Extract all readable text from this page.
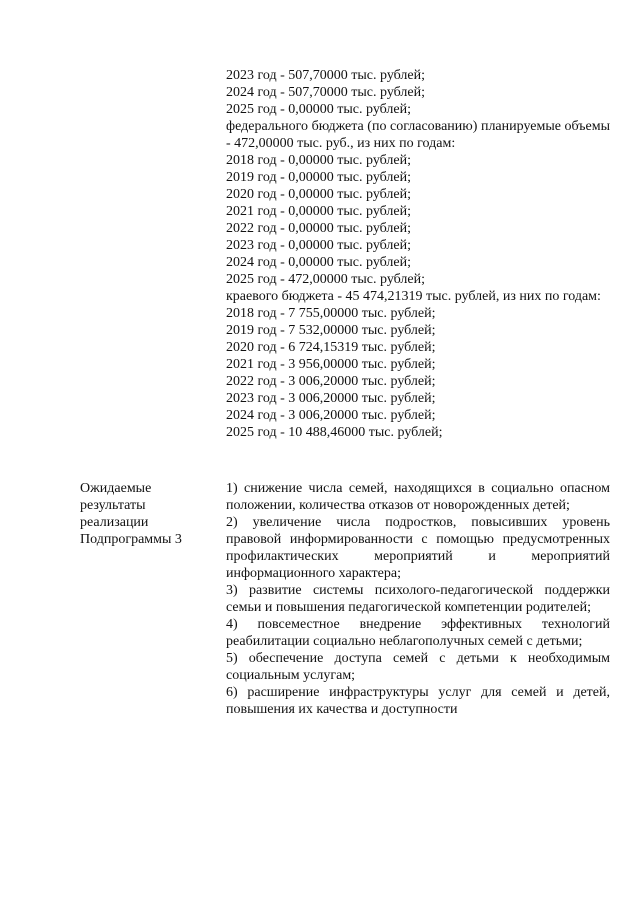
2023 год - 507,70000 тыс. рублей;
2024 год - 507,70000 тыс. рублей;
2025 год - 0,00000 тыс. рублей;
федерального бюджета (по согласованию) планируемые объемы - 472,00000 тыс. руб., из них по годам:
2018 год - 0,00000 тыс. рублей;
2019 год - 0,00000 тыс. рублей;
2020 год - 0,00000 тыс. рублей;
2021 год - 0,00000 тыс. рублей;
2022 год - 0,00000 тыс. рублей;
2023 год - 0,00000 тыс. рублей;
2024 год - 0,00000 тыс. рублей;
2025 год - 472,00000 тыс. рублей;
краевого бюджета - 45 474,21319 тыс. рублей, из них по годам:
2018 год - 7 755,00000 тыс. рублей;
2019 год - 7 532,00000 тыс. рублей;
2020 год - 6 724,15319 тыс. рублей;
2021 год - 3 956,00000 тыс. рублей;
2022 год - 3 006,20000 тыс. рублей;
2023 год - 3 006,20000 тыс. рублей;
2024 год - 3 006,20000 тыс. рублей;
2025 год - 10 488,46000 тыс. рублей;
Ожидаемые
результаты
реализации
Подпрограммы 3
1) снижение числа семей, находящихся в социально опасном положении, количества отказов от новорожденных детей;
2) увеличение числа подростков, повысивших уровень правовой информированности с помощью предусмотренных профилактических мероприятий и мероприятий информационного характера;
3) развитие системы психолого-педагогической поддержки семьи и повышения педагогической компетенции родителей;
4) повсеместное внедрение эффективных технологий реабилитации социально неблагополучных семей с детьми;
5) обеспечение доступа семей с детьми к необходимым социальным услугам;
6) расширение инфраструктуры услуг для семей и детей, повышения их качества и доступности
